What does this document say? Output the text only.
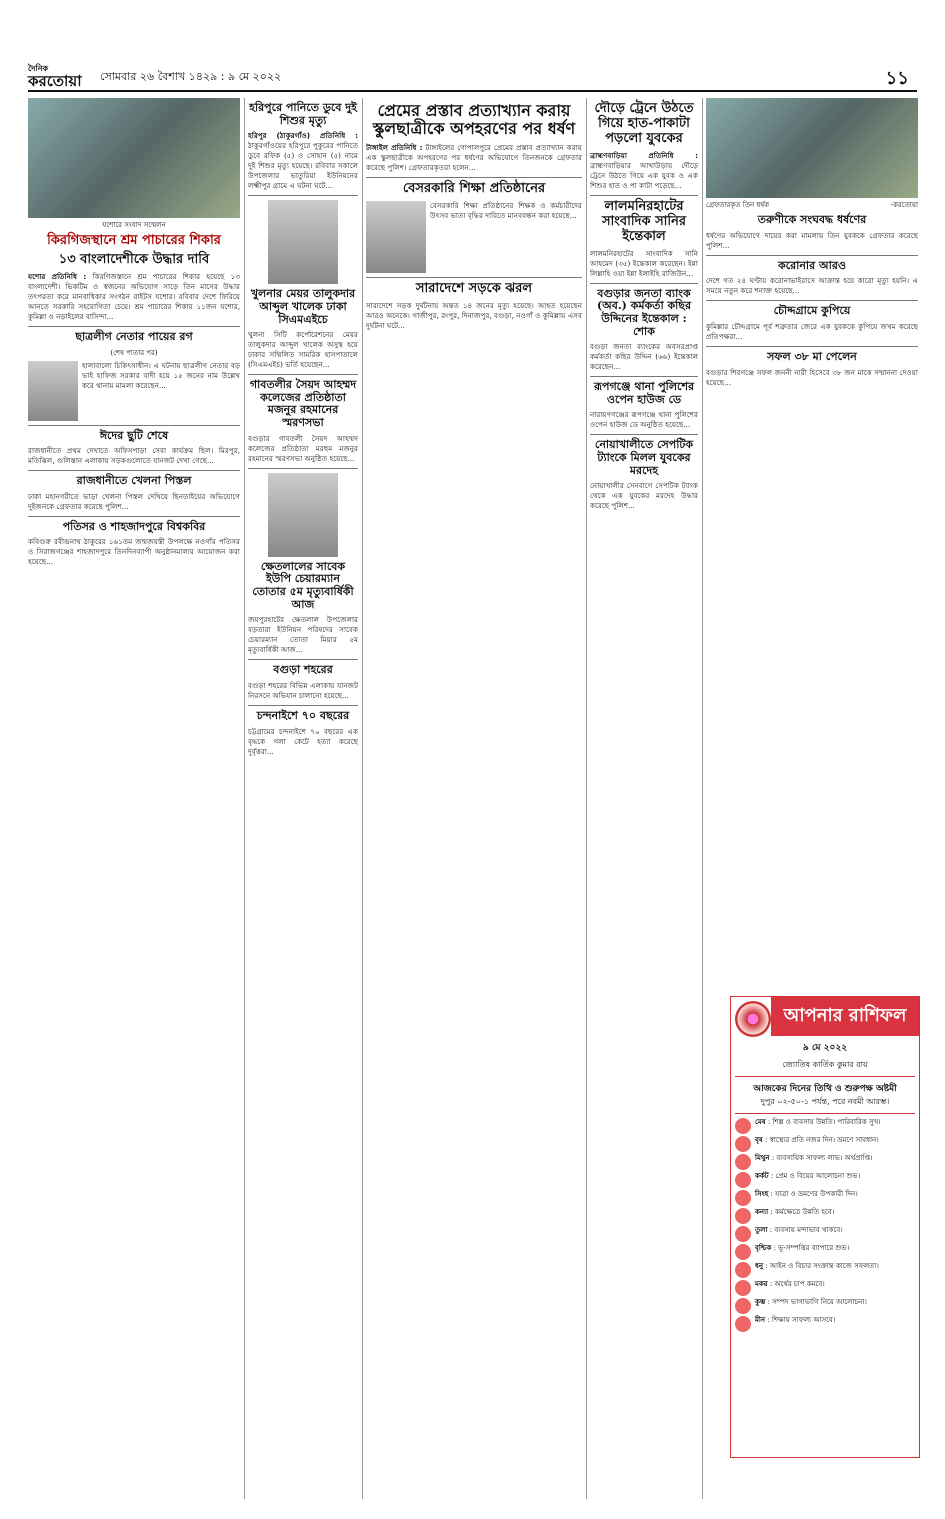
দৈনিক
করতোয়া	সোমবার ২৬ বৈশাখ ১৪২৯ : ৯ মে ২০২২	১১
যশোরে সংবাদ সম্মেলন
কিরগিজস্থানে শ্রম পাচারের শিকার
১৩ বাংলাদেশীকে উদ্ধার দাবি

যশোর প্রতিনিধি : কিরগিজস্তানে শ্রম পাচারের শিকার হয়েছে ১৩ বাংলাদেশী। ভিকটিম ও স্বজনের অভিযোগ সাড়ে তিন মাসের উদ্ধার তৎপরতা করে মানবাধিকার সংগঠন রাইটস যশোর। রবিবার দেশে ফিরিয়ে আনতে সরকারি সহযোগিতা চেয়ে। শ্রম পাচারের শিকার ১১জন যশোর, কুমিল্লা ও নড়াইলের বাসিন্দা...

ছাত্রলীগ নেতার পায়ের রগ
(শেষ পাতার পর)

হালাবালো চিকিৎসাধীন। এ ঘটনায় ছাত্রলীগ নেতার বড় ভাই হাফিজ সরকার বাদী হয়ে ১৫ জনের নাম উল্লেখ করে থানায় মামলা করেছেন...

ঈদের ছুটি শেষে

রাজধানীতে প্রথম দেখাতে অফিসপাড়া সেবা কার্যক্রম ছিল। মিরপুর, মতিঝিল, গুলিস্তান এলাকায় সড়কগুলোতে যানজট দেখা গেছে...

রাজধানীতে খেলনা পিস্তল

ঢাকা মহানগরীতে ভাড়া খেলনা পিস্তল দেখিয়ে ছিনতাইয়ের অভিযোগে দুইজনকে গ্রেফতার করেছে পুলিশ...

পতিসর ও শাহজাদপুরে বিশ্বকবির

কবিগুরু রবীন্দ্রনাথ ঠাকুরের ১৬১তম জন্মজয়ন্তী উপলক্ষে নওগাঁর পতিসর ও সিরাজগঞ্জের শাহজাদপুরে তিনদিনব্যাপী অনুষ্ঠানমালার আয়োজন করা হয়েছে...

হরিপুরে পানিতে ডুবে দুই শিশুর মৃত্যু

হরিপুর (ঠাকুরগাঁও) প্রতিনিধি : ঠাকুরগাঁওয়ের হরিপুরে পুকুরের পানিতে ডুবে রফিক (৫) ও সোহান (৫) নামে দুই শিশুর মৃত্যু হয়েছে। রবিবার সকালে উপজেলার ভাতুরিয়া ইউনিয়নের লক্ষ্মীপুর গ্রামে এ ঘটনা ঘটে...

খুলনার মেয়র তালুকদার আব্দুল খালেক ঢাকা সিএমএইচে

খুলনা সিটি কর্পোরেশনের মেয়র তালুকদার আব্দুল খালেক অসুস্থ হয়ে ঢাকার সম্মিলিত সামরিক হাসপাতালে (সিএমএইচ) ভর্তি হয়েছেন...

গাবতলীর সৈয়দ আহম্মদ কলেজের প্রতিষ্ঠাতা মজনুর রহমানের স্মরণসভা

বগুড়ার গাবতলী সৈয়দ আহম্মদ কলেজের প্রতিষ্ঠাতা মরহুম মজনুর রহমানের স্মরণসভা অনুষ্ঠিত হয়েছে...

ক্ষেতলালের সাবেক ইউপি চেয়ারম্যান তোতার ৫ম মৃত্যুবার্ষিকী আজ

জয়পুরহাটের ক্ষেতলাল উপজেলার বড়তারা ইউনিয়ন পরিষদের সাবেক চেয়ারম্যান তোতা মিয়ার ৫ম মৃত্যুবার্ষিকী আজ...

বগুড়া শহরের

বগুড়া শহরের বিভিন্ন এলাকায় যানজট নিরসনে অভিযান চালানো হয়েছে...

চন্দনাইশে ৭০ বছরের

চট্টগ্রামের চন্দনাইশে ৭০ বছরের এক বৃদ্ধকে গলা কেটে হত্যা করেছে দুর্বৃত্তরা...

প্রেমের প্রস্তাব প্রত্যাখ্যান করায় স্কুলছাত্রীকে অপহরণের পর ধর্ষণ

টাঙ্গাইল প্রতিনিধি : টাঙ্গাইলের গোপালপুরে প্রেমের প্রস্তাব প্রত্যাখ্যান করায় এক স্কুলছাত্রীকে অপহরণের পর ধর্ষণের অভিযোগে তিনজনকে গ্রেফতার করেছে পুলিশ। গ্রেফতারকৃতরা হলেন...

বেসরকারি শিক্ষা প্রতিষ্ঠানের

বেসরকারি শিক্ষা প্রতিষ্ঠানের শিক্ষক ও কর্মচারীদের উৎসব ভাতা বৃদ্ধির দাবিতে মানববন্ধন করা হয়েছে...

সারাদেশে সড়কে ঝরল

সারাদেশে সড়ক দুর্ঘটনায় অন্তত ১৪ জনের মৃত্যু হয়েছে। আহত হয়েছেন আরও অনেকে। গাজীপুর, রংপুর, দিনাজপুর, বগুড়া, নওগাঁ ও কুমিল্লায় এসব দুর্ঘটনা ঘটে...

দৌড়ে ট্রেনে উঠতে গিয়ে হাত-পাকাটা পড়লো যুবকের

ব্রাহ্মণবাড়িয়া প্রতিনিধি : ব্রাহ্মণবাড়িয়ার আখাউড়ায় দৌড়ে ট্রেনে উঠতে গিয়ে এক যুবক ও এক শিশুর হাত ও পা কাটা পড়েছে...

লালমনিরহাটের সাংবাদিক সানির ইন্তেকাল

লালমনিরহাটের সাংবাদিক সানি আহমেদ (৩৫) ইন্তেকাল করেছেন। ইন্না লিল্লাহি ওয়া ইন্না ইলাইহি রাজিউন...

বগুড়ার জনতা ব্যাংক (অব.) কর্মকর্তা কছির উদ্দিনের ইন্তেকাল : শোক

বগুড়া জনতা ব্যাংকের অবসরপ্রাপ্ত কর্মকর্তা কছির উদ্দিন (৬৬) ইন্তেকাল করেছেন...

রূপগঞ্জে থানা পুলিশের ওপেন হাউজ ডে

নারায়ণগঞ্জের রূপগঞ্জে থানা পুলিশের ওপেন হাউজ ডে অনুষ্ঠিত হয়েছে...

নোয়াখালীতে সেপটিক ট্যাংকে মিলল যুবকের মরদেহ

নোয়াখালীর সেনবাগে সেপটিক ট্যাংক থেকে এক যুবকের মরদেহ উদ্ধার করেছে পুলিশ...

গ্রেফতারকৃত তিন ধর্ষক	-করতোয়া
তরুণীকে সংঘবদ্ধ ধর্ষণের

ধর্ষণের অভিযোগে দায়ের করা মামলায় তিন যুবককে গ্রেফতার করেছে পুলিশ...

করোনার আরও

দেশে গত ২৪ ঘণ্টায় করোনাভাইরাসে আক্রান্ত হয়ে কারো মৃত্যু হয়নি। এ সময়ে নতুন করে শনাক্ত হয়েছে...

চৌদ্দগ্রামে কুপিয়ে

কুমিল্লার চৌদ্দগ্রামে পূর্ব শত্রুতার জেরে এক যুবককে কুপিয়ে জখম করেছে প্রতিপক্ষরা...

সফল ৩৮ মা পেলেন

বগুড়ার শিবগঞ্জে সফল জননী নারী হিসেবে ৩৮ জন মাকে সম্মাননা দেওয়া হয়েছে...

আপনার রাশিফল
৯ মে ২০২২
জ্যোতিষ কার্তিক কুমার রায়
আজকের দিনের তিথি ও শুরুপক্ষ অষ্টমী
দুপুর ০২-৫০-১ পর্যন্ত, পরে নবমী আরম্ভ।
মেষ : শিল্প ও ব্যবসায় উন্নতি। পারিবারিক সুখ।
বৃষ : স্বাস্থ্যের প্রতি নজর দিন। ভ্রমণে সাবধান।
মিথুন : ব্যবসায়িক সাফল্য লাভ। অর্থপ্রাপ্তি।
কর্কট : প্রেম ও বিয়ের আলোচনা শুভ।
সিংহ : যাত্রা ও ভ্রমণের উপকারী দিন।
কন্যা : কর্মক্ষেত্রে উন্নতি হবে।
তুলা : ব্যবসায় মন্দাভাব থাকবে।
বৃশ্চিক : ভূ-সম্পত্তির ব্যাপারে শুভ।
ধনু : আইন ও বিচার সংক্রান্ত কাজে সফলতা।
মকর : অর্থের চাপ কমবে।
কুম্ভ : সম্পদ ভাগাভাগি নিয়ে আলোচনা।
মীন : শিক্ষায় সাফল্য আসবে।
